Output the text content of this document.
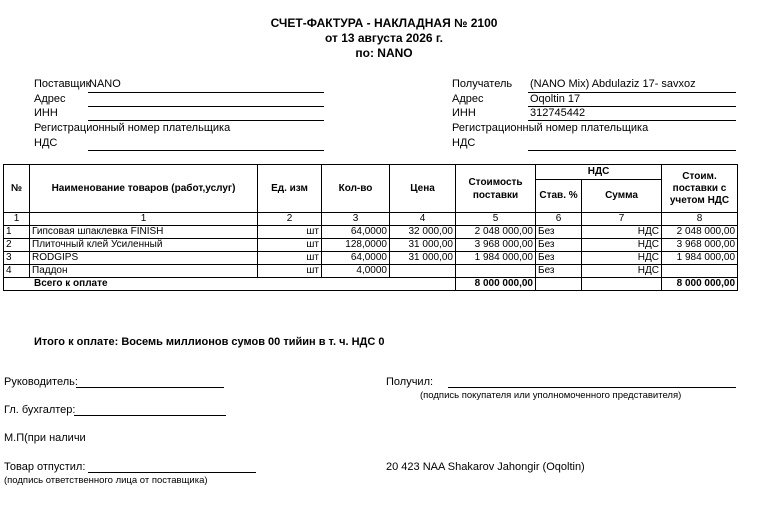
СЧЕТ-ФАКТУРА - НАКЛАДНАЯ № 2100
от 13 августа 2026 г.
по: NANO
Поставщик
NANO
Адрес
ИНН
Регистрационный номер плательщика
НДС
Получатель (NANO Mix) Abdulaziz 17- savxoz
Адрес	Oqoltin 17
ИНН	312745442
Регистрационный номер плательщика
НДС
№	Наименование товаров (работ,услуг)	Ед. изм	Кол-во	Цена	Стоимость поставки	НДС		Стоим. поставки с учетом НДС
						Став. %	Сумма	
1	1	2	3	4	5	6	7	8
1	Гипсовая шпаклевка FINISH	шт	64,0000	32 000,00	2 048 000,00	Без	НДС	2 048 000,00
2	Плиточный клей Усиленный	шт	128,0000	31 000,00	3 968 000,00	Без	НДС	3 968 000,00
3	RODGIPS	шт	64,0000	31 000,00	1 984 000,00	Без	НДС	1 984 000,00
4	Паддон	шт	4,0000			Без	НДС	
Всего к оплате					8 000 000,00			8 000 000,00
Итого к оплате: Восемь миллионов сумов 00 тийин в т. ч. НДС 0
Руководитель:
Гл. бухгалтер:
М.П(при наличи
Товар отпустил:
(подпись ответственного лица от поставщика)
Получил:
(подпись покупателя или уполномоченного представителя)
20 423 NAA Shakarov Jahongir (Oqoltin)
